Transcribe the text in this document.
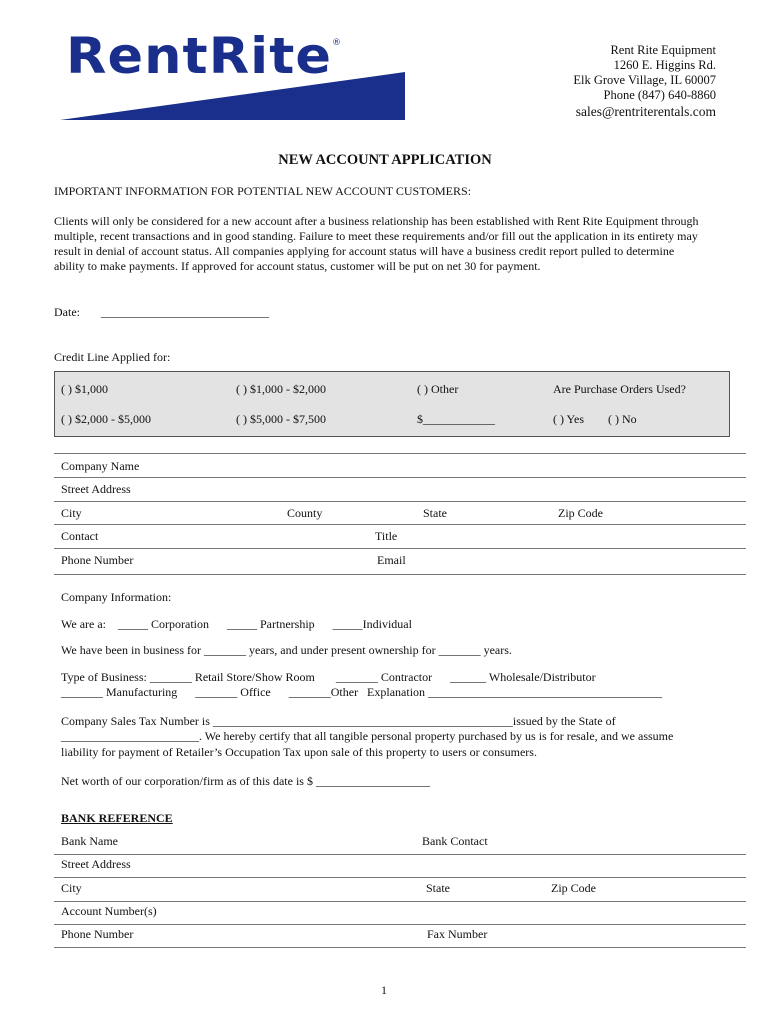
RentRite ®	Rent Rite Equipment
1260 E. Higgins Rd.
Elk Grove Village, IL 60007
Phone (847) 640-8860
sales@rentriterentals.com
NEW ACCOUNT APPLICATION
IMPORTANT INFORMATION FOR POTENTIAL NEW ACCOUNT CUSTOMERS:
Clients will only be considered for a new account after a business relationship has been established with Rent Rite Equipment through
multiple, recent transactions and in good standing. Failure to meet these requirements and/or fill out the application in its entirety may
result in denial of account status. All companies applying for account status will have a business credit report pulled to determine
ability to make payments. If approved for account status, customer will be put on net 30 for payment.
Date: ____________________________
Credit Line Applied for:
( ) $1,000	( ) $1,000 - $2,000	( ) Other	Are Purchase Orders Used?
( ) $2,000 - $5,000	( ) $5,000 - $7,500	$____________	( ) Yes ( ) No
Company Name
Street Address
City	County	State	Zip Code
Contact	Title
Phone Number	Email
Company Information:
We are a:    _____ Corporation      _____ Partnership      _____Individual
We have been in business for _______ years, and under present ownership for _______ years.
Type of Business: _______ Retail Store/Show Room       _______ Contractor      ______ Wholesale/Distributor
_______ Manufacturing      _______ Office      _______Other   Explanation _______________________________________
Company Sales Tax Number is __________________________________________________issued by the State of
_______________________. We hereby certify that all tangible personal property purchased by us is for resale, and we assume
liability for payment of Retailer’s Occupation Tax upon sale of this property to users or consumers.
Net worth of our corporation/firm as of this date is $ ___________________
BANK REFERENCE
Bank Name	Bank Contact
Street Address
City	State	Zip Code
Account Number(s)
Phone Number	Fax Number
1
